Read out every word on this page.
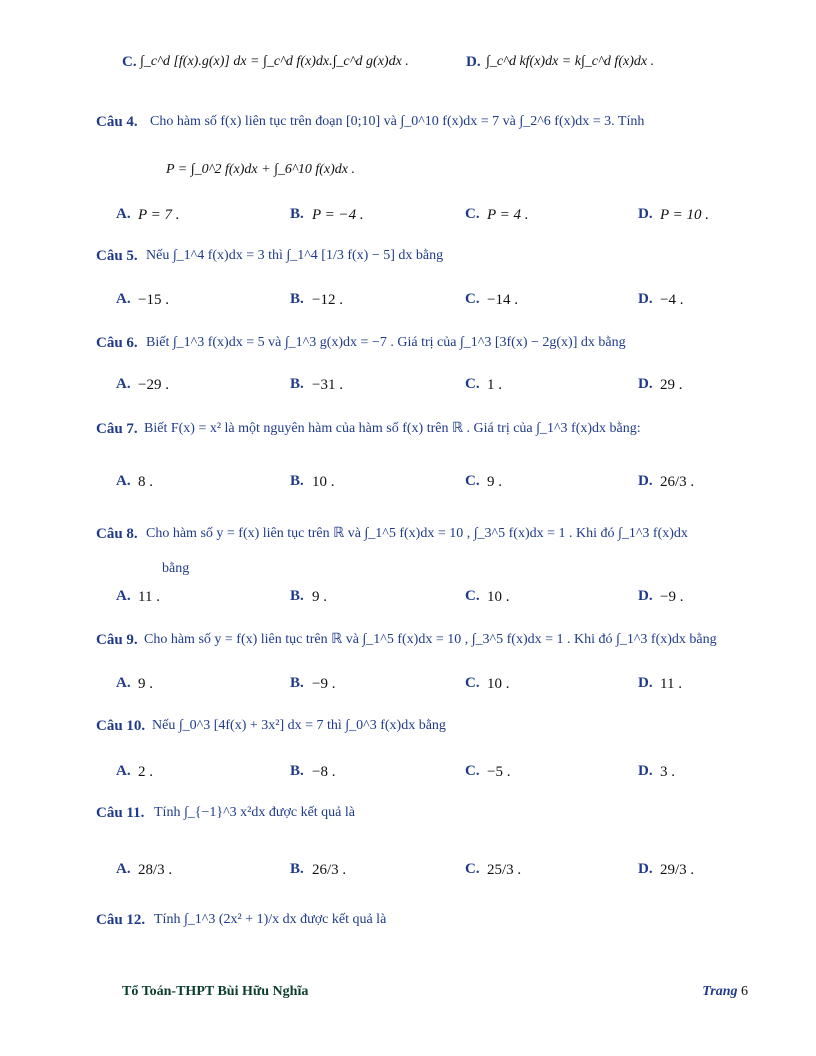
C. ∫_c^d [f(x).g(x)] dx = ∫_c^d f(x)dx.∫_c^d g(x)dx .	D. ∫_c^d kf(x)dx = k∫_c^d f(x)dx .
Câu 4. Cho hàm số f(x) liên tục trên đoạn [0;10] và ∫_0^10 f(x)dx = 7 và ∫_2^6 f(x)dx = 3. Tính
P = ∫_0^2 f(x)dx + ∫_6^10 f(x)dx .
A. P = 7 .	B. P = −4 .	C. P = 4 .	D. P = 10 .
Câu 5. Nếu ∫_1^4 f(x)dx = 3 thì ∫_1^4 [1/3 f(x) − 5] dx bằng
A. −15 .	B. −12 .	C. −14 .	D. −4 .
Câu 6. Biết ∫_1^3 f(x)dx = 5 và ∫_1^3 g(x)dx = −7 . Giá trị của ∫_1^3 [3f(x) − 2g(x)] dx bằng
A. −29 .	B. −31 .	C. 1 .	D. 29 .
Câu 7. Biết F(x) = x² là một nguyên hàm của hàm số f(x) trên ℝ . Giá trị của ∫_1^3 f(x)dx bằng:
A. 8 .	B. 10 .	C. 9 .	D. 26/3 .
Câu 8. Cho hàm số y = f(x) liên tục trên ℝ và ∫_1^5 f(x)dx = 10 , ∫_3^5 f(x)dx = 1 . Khi đó ∫_1^3 f(x)dx
bằng
A. 11 .	B. 9 .	C. 10 .	D. −9 .
Câu 9. Cho hàm số y = f(x) liên tục trên ℝ và ∫_1^5 f(x)dx = 10 , ∫_3^5 f(x)dx = 1 . Khi đó ∫_1^3 f(x)dx bằng
A. 9 .	B. −9 .	C. 10 .	D. 11 .
Câu 10. Nếu ∫_0^3 [4f(x) + 3x²] dx = 7 thì ∫_0^3 f(x)dx bằng
A. 2 .	B. −8 .	C. −5 .	D. 3 .
Câu 11. Tính ∫_{−1}^3 x²dx được kết quả là
A. 28/3 .	B. 26/3 .	C. 25/3 .	D. 29/3 .
Câu 12. Tính ∫_1^3 (2x² + 1)/x dx được kết quả là
Tổ Toán-THPT Bùi Hữu Nghĩa	Trang 6
